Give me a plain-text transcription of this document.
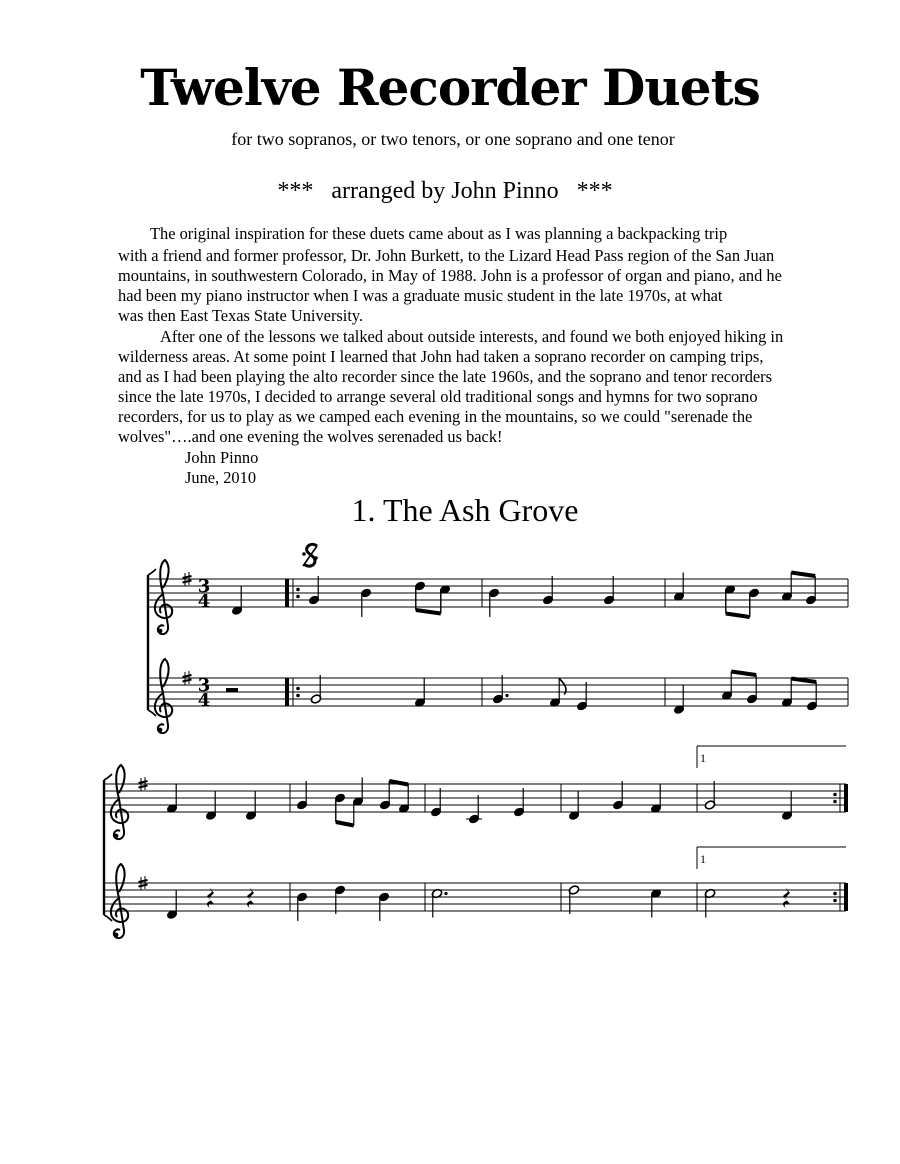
Twelve Recorder Duets
for two sopranos, or two tenors, or one soprano and one tenor
***   arranged by John Pinno   ***
The original inspiration for these duets came about as I was planning a backpacking trip
with a friend and former professor, Dr. John Burkett, to the Lizard Head Pass region of the San Juan
mountains, in southwestern Colorado, in May of 1988. John is a professor of organ and piano, and he
had been my piano instructor when I was a graduate music student in the late 1970s, at what
was then East Texas State University.
After one of the lessons we talked about outside interests, and found we both enjoyed hiking in
wilderness areas. At some point I learned that John had taken a soprano recorder on camping trips,
and as I had been playing the alto recorder since the late 1960s, and the soprano and tenor recorders
since the late 1970s, I decided to arrange several old traditional songs and hymns for two soprano
recorders, for us to play as we camped each evening in the mountains, so we could "serenade the
wolves"….and one evening the wolves serenaded us back!
John Pinno
June, 2010
1. The Ash Grove
3
4
3
4
1
1
